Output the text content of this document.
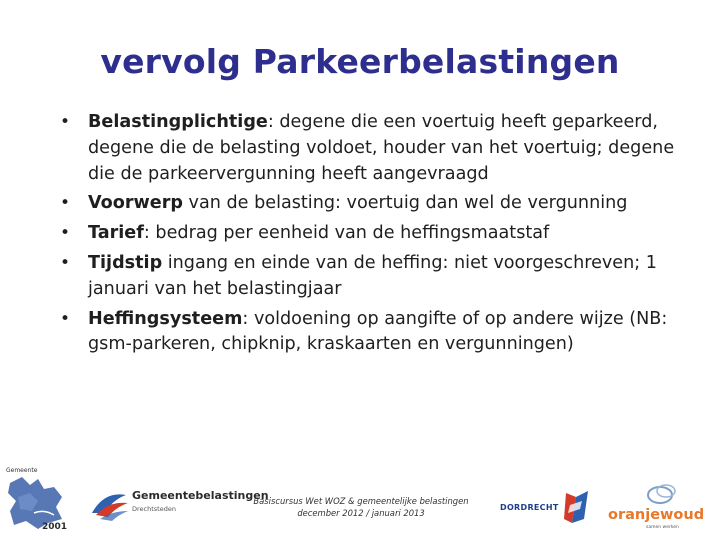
vervolg Parkeerbelastingen
• Belastingplichtige: degene die een voertuig heeft geparkeerd, degene die de belasting voldoet, houder van het voertuig; degene die de parkeervergunning heeft aangevraagd
• Voorwerp van de belasting: voertuig dan wel de vergunning
• Tarief: bedrag per eenheid van de heffingsmaatstaf
• Tijdstip ingang en einde van de heffing: niet voorgeschreven; 1 januari van het belastingjaar
• Heffingsysteem: voldoening op aangifte of op andere wijze (NB: gsm-parkeren, chipknip, kraskaarten en vergunningen)
Gemeente
2001
Gemeentebelastingen
Drechtsteden
Basiscursus Wet WOZ & gemeentelijke belastingen
december 2012 / januari 2013
DORDRECHT	oranjewoud
samen werken
